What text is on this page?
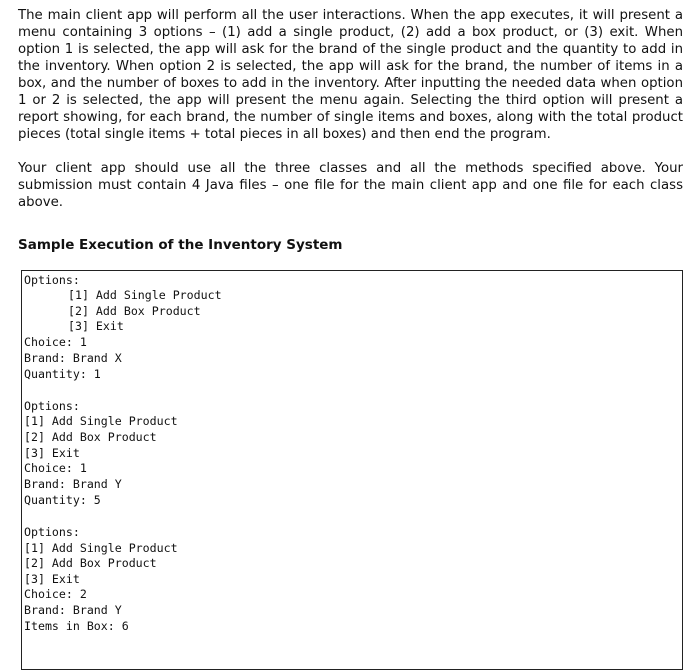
The main client app will perform all the user interactions. When the app executes, it will present a menu containing 3 options – (1) add a single product, (2) add a box product, or (3) exit. When option 1 is selected, the app will ask for the brand of the single product and the quantity to add in the inventory. When option 2 is selected, the app will ask for the brand, the number of items in a box, and the number of boxes to add in the inventory. After inputting the needed data when option 1 or 2 is selected, the app will present the menu again. Selecting the third option will present a report showing, for each brand, the number of single items and boxes, along with the total product pieces (total single items + total pieces in all boxes) and then end the program.

Your client app should use all the three classes and all the methods specified above. Your submission must contain 4 Java files – one file for the main client app and one file for each class above.

Sample Execution of the Inventory System

Options:
[1] Add Single Product
[2] Add Box Product
[3] Exit
Choice: 1
Brand: Brand X
Quantity: 1
Options:
[1] Add Single Product
[2] Add Box Product
[3] Exit
Choice: 1
Brand: Brand Y
Quantity: 5
Options:
[1] Add Single Product
[2] Add Box Product
[3] Exit
Choice: 2
Brand: Brand Y
Items in Box: 6
